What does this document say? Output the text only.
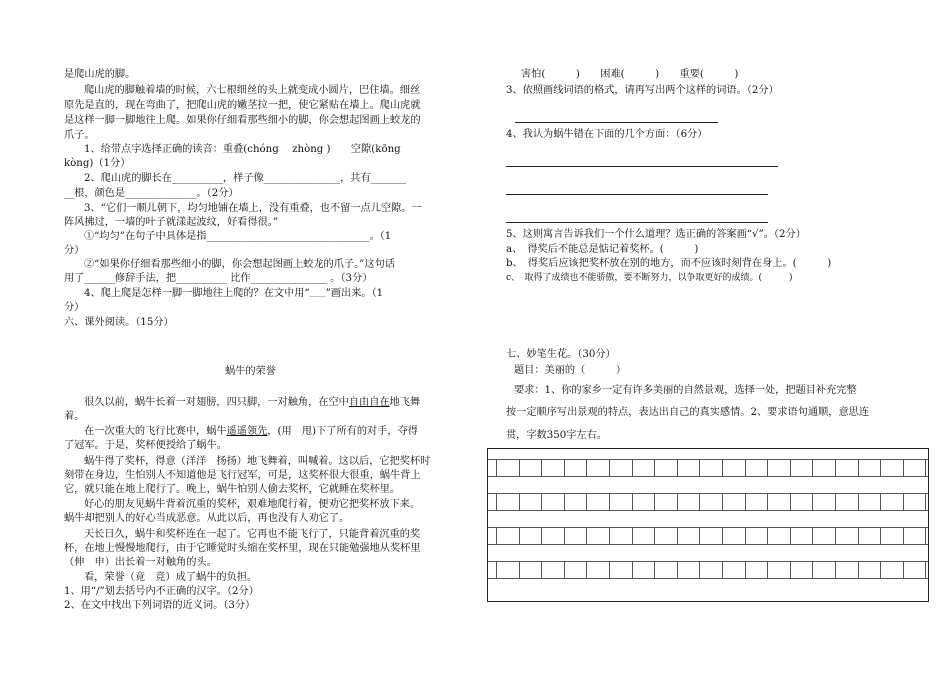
是爬山虎的脚。
爬山虎的脚触着墙的时候，六七根细丝的头上就变成小圆片，巴住墙。细丝
原先是直的，现在弯曲了，把爬山虎的嫩茎拉一把，使它紧贴在墙上。爬山虎就
是这样一脚一脚地往上爬。如果你仔细看那些细小的脚，你会想起图画上蛟龙的
爪子。
1、给带点字选择正确的读音：重叠(chóng　 zhòng )　　空隙(kōng
kòng)（1分）
2、爬山虎的脚长在__________，样子像_______________，共有_______
__根，颜色是______________。（2分）
3、“它们一顺儿朝下，均匀地铺在墙上，没有重叠，也不留一点儿空隙。一
阵风拂过，一墙的叶子就漾起波纹，好看得很。”
①“均匀”在句子中具体是指________________________________。（1
分）
②“如果你仔细看那些细小的脚，你会想起图画上蛟龙的爪子。”这句话
用了______修辞手法，把__________ 比作_______________ 。（3分）
4、爬上爬是怎样一脚一脚地往上爬的？在文中用“﹏﹏”画出来。（1
分）
六、课外阅读。（15分）
蜗牛的荣誉
很久以前，蜗牛长着一对翅膀，四只脚，一对触角，在空中自由自在地飞舞
着。
在一次重大的飞行比赛中，蜗牛遥遥领先，(用　甩)下了所有的对手，夺得
了冠军。于是，奖杯便授给了蜗牛。
蜗牛得了奖杯，得意（洋洋　扬扬）地飞舞着，叫喊着。这以后，它把奖杯时
刻带在身边，生怕别人不知道他是飞行冠军，可是，这奖杯很大很重，蜗牛背上
它，就只能在地上爬行了。晚上，蜗牛怕别人偷去奖杯，它就睡在奖杯里。
好心的朋友见蜗牛背着沉重的奖杯，艰难地爬行着，便劝它把奖杯放下来。
蜗牛却把别人的好心当成恶意。从此以后，再也没有人劝它了。
天长日久，蜗牛和奖杯连在一起了。它再也不能飞行了，只能背着沉重的奖
杯，在地上慢慢地爬行，由于它睡觉时头缩在奖杯里，现在只能勉强地从奖杯里
（伸　申）出长着一对触角的头。
看，荣誉（竟　竞）成了蜗牛的负担。
1、用“/”划去括号内不正确的汉字。（2分）
2、在文中找出下列词语的近义词。（3分）
害怕(　　　)　　困难(　　　)　　重要(　　　)
3、依照画线词语的格式，请再写出两个这样的词语。（2分）
4、我认为蜗牛错在下面的几个方面：（6分）
5、这则寓言告诉我们一个什么道理？选正确的答案画“√”。（2分）
a、　得奖后不能总是惦记着奖杯。(　　　)
b、　得奖后应该把奖杯放在别的地方，而不应该时刻背在身上。(　　　)
c、　取得了成绩也不能骄傲，要不断努力，以争取更好的成绩。(　　　)
七、妙笔生花。（30分）
题目：美丽的（　　　）
要求：1、你的家乡一定有许多美丽的自然景观，选择一处，把题目补充完整
按一定顺序写出景观的特点，表达出自己的真实感情。2、要求语句通顺，意思连
贯，字数350字左右。
